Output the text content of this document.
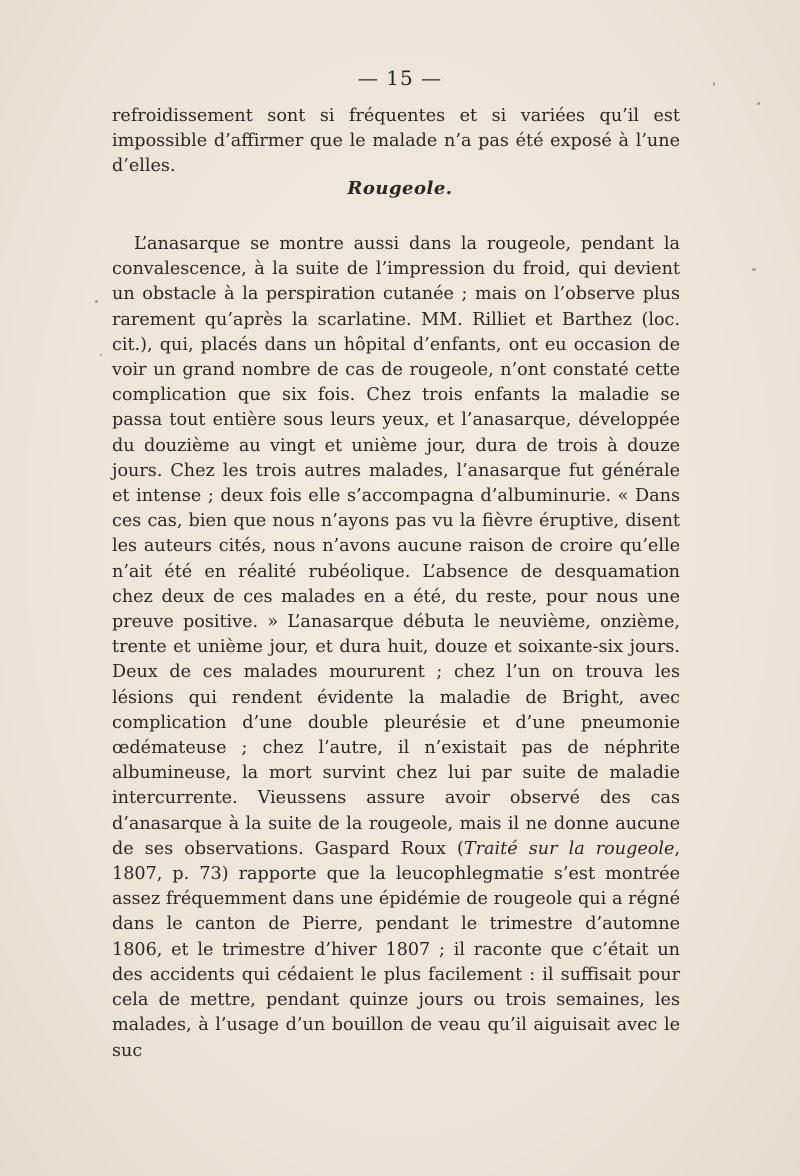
— 15 —

refroidissement sont si fréquentes et si variées qu’il est impossible d’affirmer que le malade n’a pas été exposé à l’une d’elles.

Rougeole.

L’anasarque se montre aussi dans la rougeole, pendant la convalescence, à la suite de l’impression du froid, qui devient un obstacle à la perspiration cutanée ; mais on l’observe plus rarement qu’après la scarlatine. MM. Rilliet et Barthez (loc. cit.), qui, placés dans un hôpital d’enfants, ont eu occasion de voir un grand nombre de cas de rougeole, n’ont constaté cette complication que six fois. Chez trois enfants la maladie se passa tout entière sous leurs yeux, et l’anasarque, développée du douzième au vingt et unième jour, dura de trois à douze jours. Chez les trois autres malades, l’anasarque fut générale et intense ; deux fois elle s’accompagna d’albuminurie. « Dans ces cas, bien que nous n’ayons pas vu la fièvre éruptive, disent les auteurs cités, nous n’avons aucune raison de croire qu’elle n’ait été en réalité rubéolique. L’absence de desquamation chez deux de ces malades en a été, du reste, pour nous une preuve positive. » L’anasarque débuta le neuvième, onzième, trente et unième jour, et dura huit, douze et soixante-six jours. Deux de ces malades moururent ; chez l’un on trouva les lésions qui rendent évidente la maladie de Bright, avec complication d’une double pleurésie et d’une pneumonie œdémateuse ; chez l’autre, il n’existait pas de néphrite albumineuse, la mort survint chez lui par suite de maladie intercurrente. Vieussens assure avoir observé des cas d’anasarque à la suite de la rougeole, mais il ne donne aucune de ses observations. Gaspard Roux (Traité sur la rougeole, 1807, p. 73) rapporte que la leucophlegmatie s’est montrée assez fréquemment dans une épidémie de rougeole qui a régné dans le canton de Pierre, pendant le trimestre d’automne 1806, et le trimestre d’hiver 1807 ; il raconte que c’était un des accidents qui cédaient le plus facilement : il suffisait pour cela de mettre, pendant quinze jours ou trois semaines, les malades, à l’usage d’un bouillon de veau qu’il aiguisait avec le suc
